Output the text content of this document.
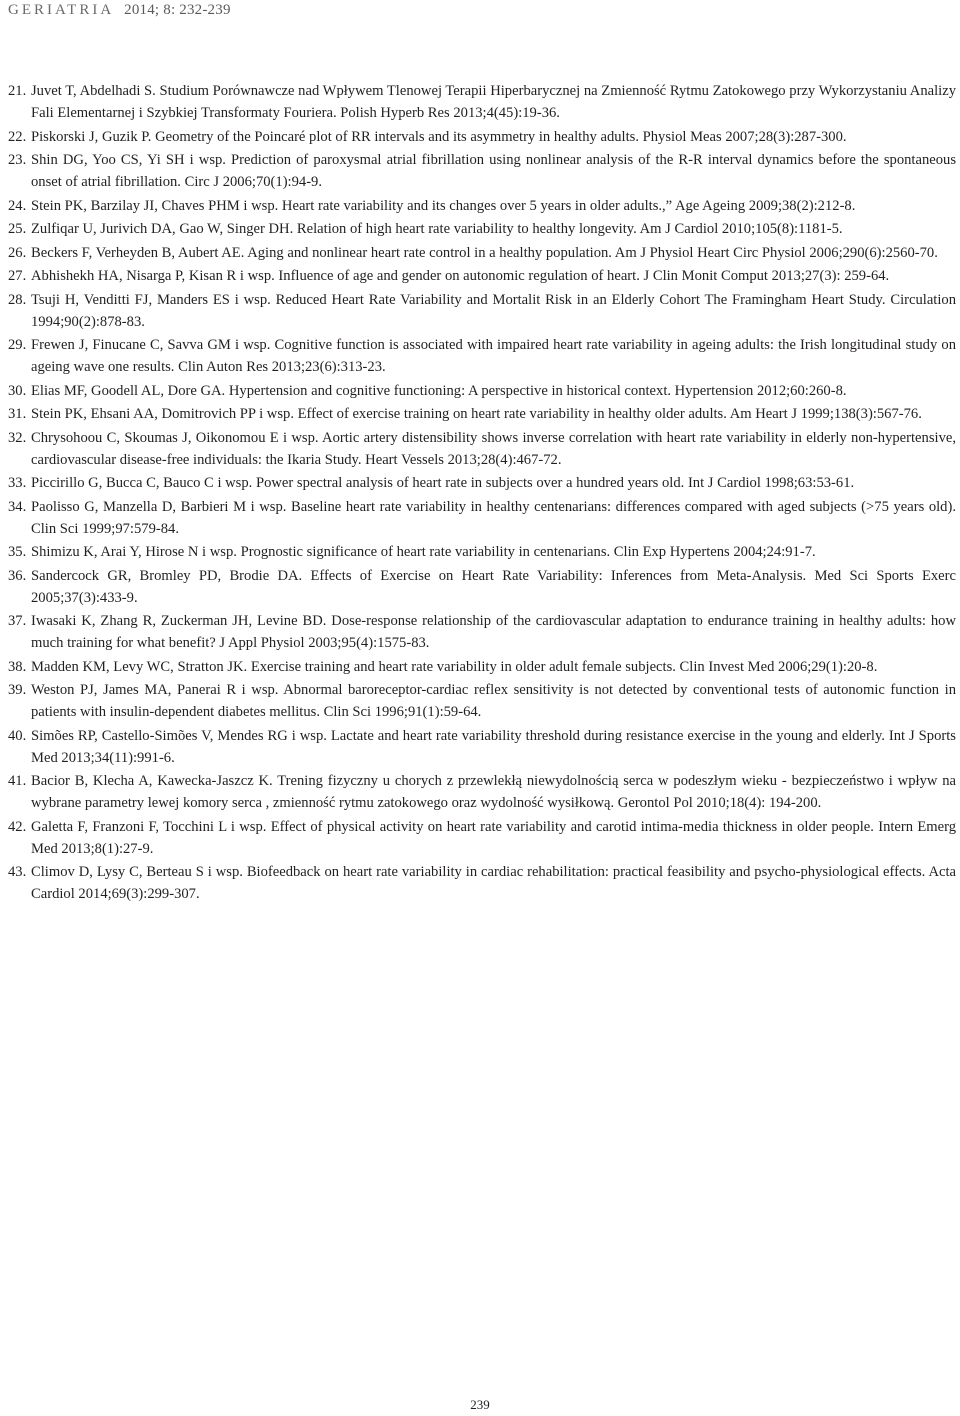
GERIATRIA 2014; 8: 232-239
21. Juvet T, Abdelhadi S. Studium Porównawcze nad Wpływem Tlenowej Terapii Hiperbarycznej na Zmienność Rytmu Zatokowego przy Wykorzystaniu Analizy Fali Elementarnej i Szybkiej Transformaty Fouriera. Polish Hyperb Res 2013;4(45):19-36.
22. Piskorski J, Guzik P. Geometry of the Poincaré plot of RR intervals and its asymmetry in healthy adults. Physiol Meas 2007;28(3):287-300.
23. Shin DG, Yoo CS, Yi SH i wsp. Prediction of paroxysmal atrial fibrillation using nonlinear analysis of the R-R interval dynamics before the spontaneous onset of atrial fibrillation. Circ J 2006;70(1):94-9.
24. Stein PK, Barzilay JI, Chaves PHM i wsp. Heart rate variability and its changes over 5 years in older adults.,” Age Ageing 2009;38(2):212-8.
25. Zulfiqar U, Jurivich DA, Gao W, Singer DH. Relation of high heart rate variability to healthy longevity. Am J Cardiol 2010;105(8):1181-5.
26. Beckers F, Verheyden B, Aubert AE. Aging and nonlinear heart rate control in a healthy population. Am J Physiol Heart Circ Physiol 2006;290(6):2560-70.
27. Abhishekh HA, Nisarga P, Kisan R i wsp. Influence of age and gender on autonomic regulation of heart. J Clin Monit Comput 2013;27(3): 259-64.
28. Tsuji H, Venditti FJ, Manders ES i wsp. Reduced Heart Rate Variability and Mortalit Risk in an Elderly Cohort The Framingham Heart Study. Circulation 1994;90(2):878-83.
29. Frewen J, Finucane C, Savva GM i wsp. Cognitive function is associated with impaired heart rate variability in ageing adults: the Irish longitudinal study on ageing wave one results. Clin Auton Res 2013;23(6):313-23.
30. Elias MF, Goodell AL, Dore GA. Hypertension and cognitive functioning: A perspective in historical context. Hypertension 2012;60:260-8.
31. Stein PK, Ehsani AA, Domitrovich PP i wsp. Effect of exercise training on heart rate variability in healthy older adults. Am Heart J 1999;138(3):567-76.
32. Chrysohoou C, Skoumas J, Oikonomou E i wsp. Aortic artery distensibility shows inverse correlation with heart rate variability in elderly non-hypertensive, cardiovascular disease-free individuals: the Ikaria Study. Heart Vessels 2013;28(4):467-72.
33. Piccirillo G, Bucca C, Bauco C i wsp. Power spectral analysis of heart rate in subjects over a hundred years old. Int J Cardiol 1998;63:53-61.
34. Paolisso G, Manzella D, Barbieri M i wsp. Baseline heart rate variability in healthy centenarians: differences compared with aged subjects (>75 years old). Clin Sci 1999;97:579-84.
35. Shimizu K, Arai Y, Hirose N i wsp. Prognostic significance of heart rate variability in centenarians. Clin Exp Hypertens 2004;24:91-7.
36. Sandercock GR, Bromley PD, Brodie DA. Effects of Exercise on Heart Rate Variability: Inferences from Meta-Analysis. Med Sci Sports Exerc 2005;37(3):433-9.
37. Iwasaki K, Zhang R, Zuckerman JH, Levine BD. Dose-response relationship of the cardiovascular adaptation to endurance training in healthy adults: how much training for what benefit? J Appl Physiol 2003;95(4):1575-83.
38. Madden KM, Levy WC, Stratton JK. Exercise training and heart rate variability in older adult female subjects. Clin Invest Med 2006;29(1):20-8.
39. Weston PJ, James MA, Panerai R i wsp. Abnormal baroreceptor-cardiac reflex sensitivity is not detected by conventional tests of autonomic function in patients with insulin-dependent diabetes mellitus. Clin Sci 1996;91(1):59-64.
40. Simões RP, Castello-Simões V, Mendes RG i wsp. Lactate and heart rate variability threshold during resistance exercise in the young and elderly. Int J Sports Med 2013;34(11):991-6.
41. Bacior B, Klecha A, Kawecka-Jaszcz K. Trening fizyczny u chorych z przewlekłą niewydolnością serca w podeszłym wieku - bezpieczeństwo i wpływ na wybrane parametry lewej komory serca , zmienność rytmu zatokowego oraz wydolność wysiłkową. Gerontol Pol 2010;18(4): 194-200.
42. Galetta F, Franzoni F, Tocchini L i wsp. Effect of physical activity on heart rate variability and carotid intima-media thickness in older people. Intern Emerg Med 2013;8(1):27-9.
43. Climov D, Lysy C, Berteau S i wsp. Biofeedback on heart rate variability in cardiac rehabilitation: practical feasibility and psycho-physiological effects. Acta Cardiol 2014;69(3):299-307.
239
